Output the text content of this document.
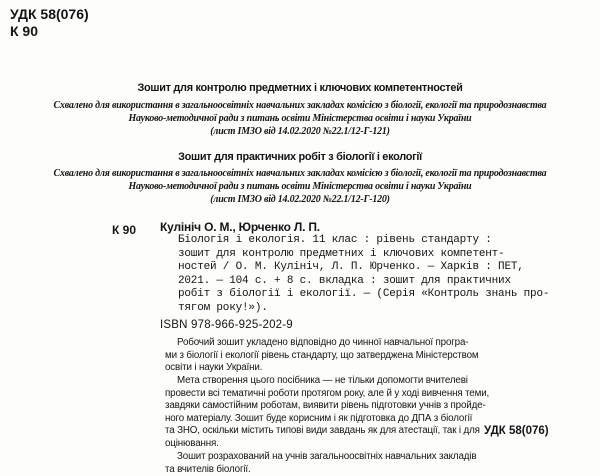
УДК 58(076)
К 90
Зошит для контролю предметних і ключових компетентностей
Схвалено для використання в загальноосвітніх навчальних закладах комісією з біології, екології та природознавства
Науково-методичної ради з питань освіти Міністерства освіти і науки України
(лист ІМЗО від 14.02.2020 №22.1/12-Г-121)
Зошит для практичних робіт з біології і екології
Схвалено для використання в загальноосвітніх навчальних закладах комісією з біології, екології та природознавства
Науково-методичної ради з питань освіти Міністерства освіти і науки України
(лист ІМЗО від 14.02.2020 №22.1/12-Г-120)
К 90 Кулініч О. М., Юрченко Л. П.
Біологія і екологія. 11 клас : рівень стандарту :
зошит для контролю предметних і ключових компетент-
ностей / О. М. Кулініч, Л. П. Юрченко. — Харків : ПЕТ,
2021. — 104 с. + 8 с. вкладка : зошит для практичних
робіт з біології і екології. — (Серія «Контроль знань про-
тягом року!»).
ISBN 978-966-925-202-9
Робочий зошит укладено відповідно до чинної навчальної програ-
ми з біології і екології рівень стандарту, що затверджена Міністерством
освіти і науки України.
Мета створення цього посібника — не тільки допомогти вчителеві
провести всі тематичні роботи протягом року, але й у ході вивчення теми,
завдяки самостійним роботам, виявити рівень підготовки учнів з пройде-
ного матеріалу. Зошит буде корисним і як підготовка до ДПА з біології
та ЗНО, оскільки містить типові види завдань як для атестації, так і для
оцінювання.
Зошит розрахований на учнів загальноосвітніх навчальних закладів
та вчителів біології.
УДК 58(076)
